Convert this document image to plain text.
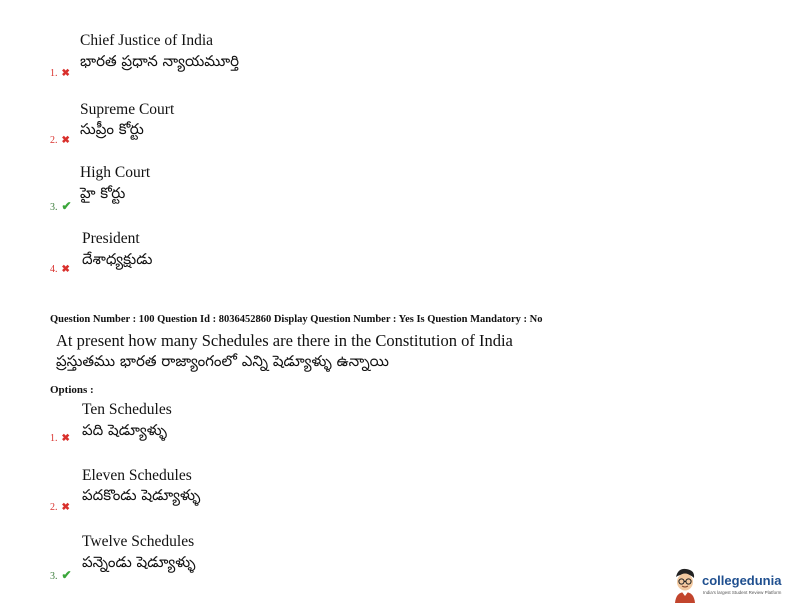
Chief Justice of India
భారత ప్రధాన న్యాయమూర్తి
1. ✖
Supreme Court
సుప్రీం కోర్టు
2. ✖
High Court
హై కోర్టు
3. ✔
President
దేశాధ్యక్షుడు
4. ✖
Question Number : 100 Question Id : 8036452860 Display Question Number : Yes Is Question Mandatory : No
At present how many Schedules are there in the Constitution of India
ప్రస్తుతము భారత రాజ్యాంగంలో ఎన్ని షెడ్యూళ్ళు ఉన్నాయి
Options :
Ten Schedules
పది షెడ్యూళ్ళు
1. ✖
Eleven Schedules
పదకొండు షెడ్యూళ్ళు
2. ✖
Twelve Schedules
పన్నెండు షెడ్యూళ్ళు
3. ✔	collegedunia
India's largest Student Review Platform
